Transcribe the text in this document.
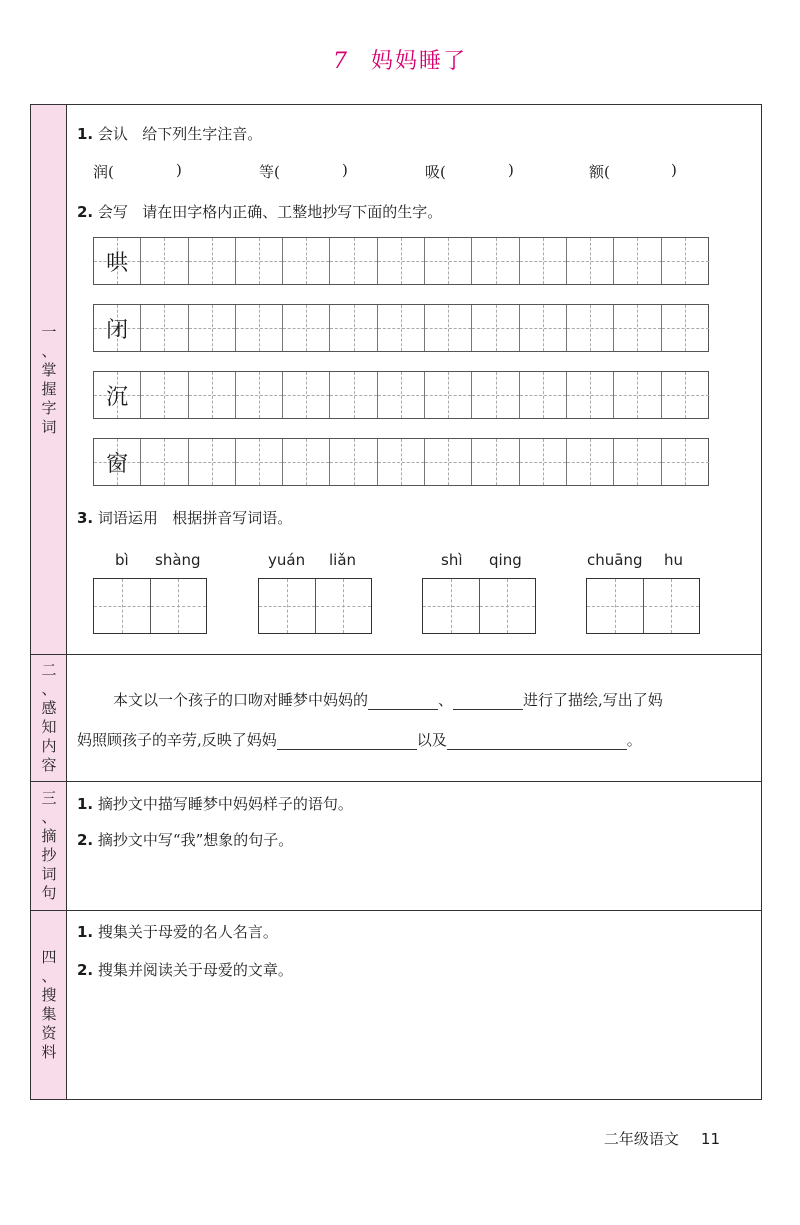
7 妈妈睡了
一
、
掌
握
字
词
二
、
感
知
内
容
三
、
摘
抄
词
句
四
、
搜
集
资
料
1. 会认 给下列生字注音。
润(	)	等(	)	吸(	)	额(	)
2. 会写 请在田字格内正确、工整地抄写下面的生字。
哄
闭
沉
窗
3. 词语运用 根据拼音写词语。
bì shàng	yuán liǎn	shì qing	chuāng hu
本文以一个孩子的口吻对睡梦中妈妈的	、	进行了描绘,写出了妈
妈照顾孩子的辛劳,反映了妈妈	以及	。
1. 摘抄文中描写睡梦中妈妈样子的语句。
2. 摘抄文中写“我”想象的句子。
1. 搜集关于母爱的名人名言。
2. 搜集并阅读关于母爱的文章。
二年级语文 11
